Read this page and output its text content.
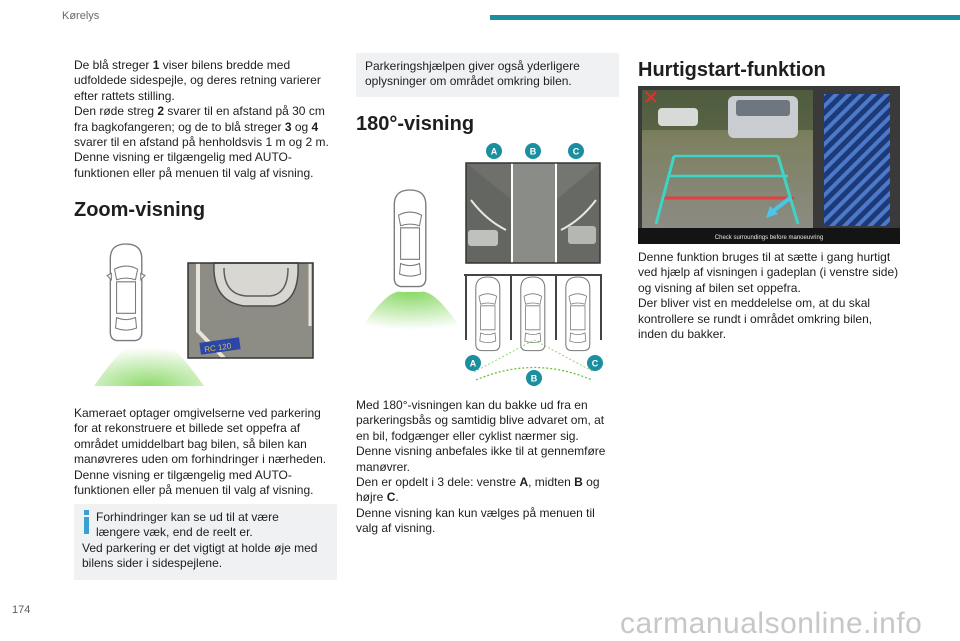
Kørelys

De blå streger 1 viser bilens bredde med

udfoldede sidespejle, og deres retning varierer

efter rattets stilling.

Den røde streg 2 svarer til en afstand på 30 cm

fra bagkofangeren; og de to blå streger 3 og 4

svarer til en afstand på henholdsvis 1 m og 2 m.

Denne visning er tilgængelig med AUTO-

funktionen eller på menuen til valg af visning.

Zoom-visning
RC 120

Kameraet optager omgivelserne ved parkering

for at rekonstruere et billede set oppefra af

området umiddelbart bag bilen, så bilen kan

manøvreres uden om forhindringer i nærheden.

Denne visning er tilgængelig med AUTO-

funktionen eller på menuen til valg af visning.

Forhindringer kan se ud til at være

længere væk, end de reelt er.

Ved parkering er det vigtigt at holde øje med

bilens sider i sidespejlene.

Parkeringshjælpen giver også yderligere

oplysninger om området omkring bilen.

180°-visning
A	B	C
A
B
C

Med 180°-visningen kan du bakke ud fra en

parkeringsbås og samtidig blive advaret om, at

en bil, fodgænger eller cyklist nærmer sig.

Denne visning anbefales ikke til at gennemføre

manøvrer.

Den er opdelt i 3 dele: venstre A, midten B og

højre C.

Denne visning kan kun vælges på menuen til

valg af visning.

Hurtigstart-funktion
Check surroundings before manoeuvring

Denne funktion bruges til at sætte i gang hurtigt

ved hjælp af visningen i gadeplan (i venstre side)

og visning af bilen set oppefra.

Der bliver vist en meddelelse om, at du skal

kontrollere se rundt i området omkring bilen,

inden du bakker.

174	carmanualsonline.info
